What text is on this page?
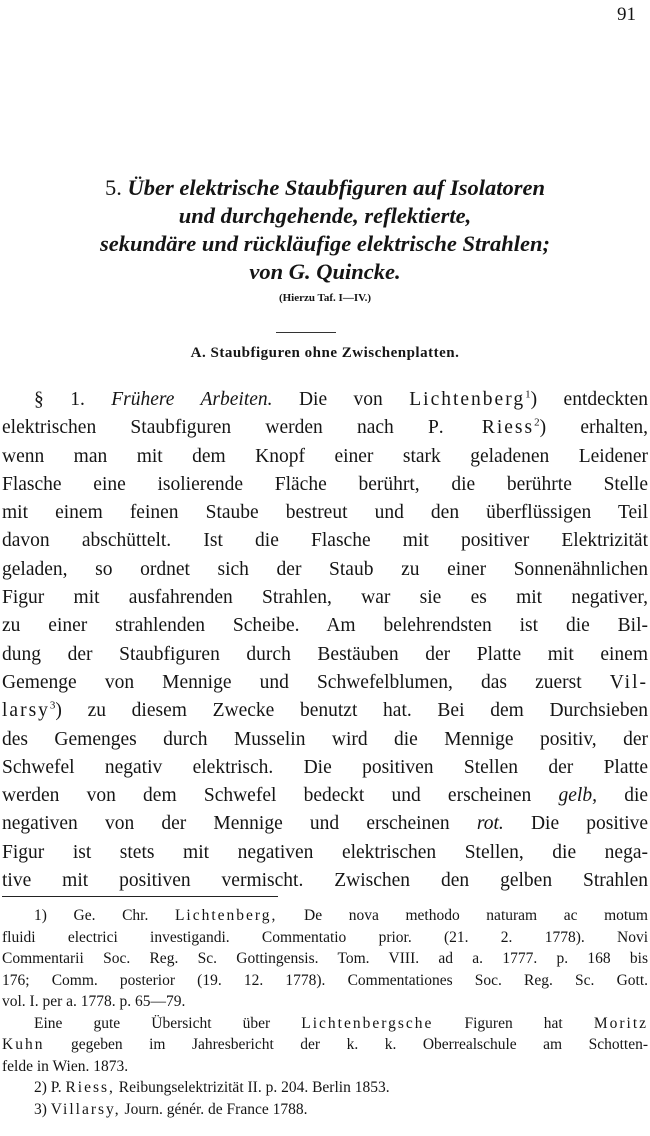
91
5. Über elektrische Staubfiguren auf Isolatoren
und durchgehende, reflektierte,
sekundäre und rückläufige elektrische Strahlen;
von G. Quincke.
(Hierzu Taf. I—IV.)
A. Staubfiguren ohne Zwischenplatten.
§ 1. Frühere Arbeiten. Die von Lichtenberg$^1$) entdeckten
elektrischen Staubfiguren werden nach P. Riess$^2$) erhalten,
wenn man mit dem Knopf einer stark geladenen Leidener
Flasche eine isolierende Fläche berührt, die berührte Stelle
mit einem feinen Staube bestreut und den überflüssigen Teil
davon abschüttelt. Ist die Flasche mit positiver Elektrizität
geladen, so ordnet sich der Staub zu einer Sonnenähnlichen
Figur mit ausfahrenden Strahlen, war sie es mit negativer,
zu einer strahlenden Scheibe. Am belehrendsten ist die Bil-
dung der Staubfiguren durch Bestäuben der Platte mit einem
Gemenge von Mennige und Schwefelblumen, das zuerst Vil-
larsy$^3$) zu diesem Zwecke benutzt hat. Bei dem Durchsieben
des Gemenges durch Musselin wird die Mennige positiv, der
Schwefel negativ elektrisch. Die positiven Stellen der Platte
werden von dem Schwefel bedeckt und erscheinen gelb, die
negativen von der Mennige und erscheinen rot. Die positive
Figur ist stets mit negativen elektrischen Stellen, die nega-
tive mit positiven vermischt. Zwischen den gelben Strahlen
1) Ge. Chr. Lichtenberg, De nova methodo naturam ac motum
fluidi electrici investigandi. Commentatio prior. (21. 2. 1778). Novi
Commentarii Soc. Reg. Sc. Gottingensis. Tom. VIII. ad a. 1777. p. 168 bis
176; Comm. posterior (19. 12. 1778). Commentationes Soc. Reg. Sc. Gott.
vol. I. per a. 1778. p. 65—79.
Eine gute Übersicht über Lichtenbergsche Figuren hat Moritz
Kuhn gegeben im Jahresbericht der k. k. Oberrealschule am Schotten-
felde in Wien. 1873.
2) P. Riess, Reibungselektrizität II. p. 204. Berlin 1853.
3) Villarsy, Journ. génér. de France 1788.
